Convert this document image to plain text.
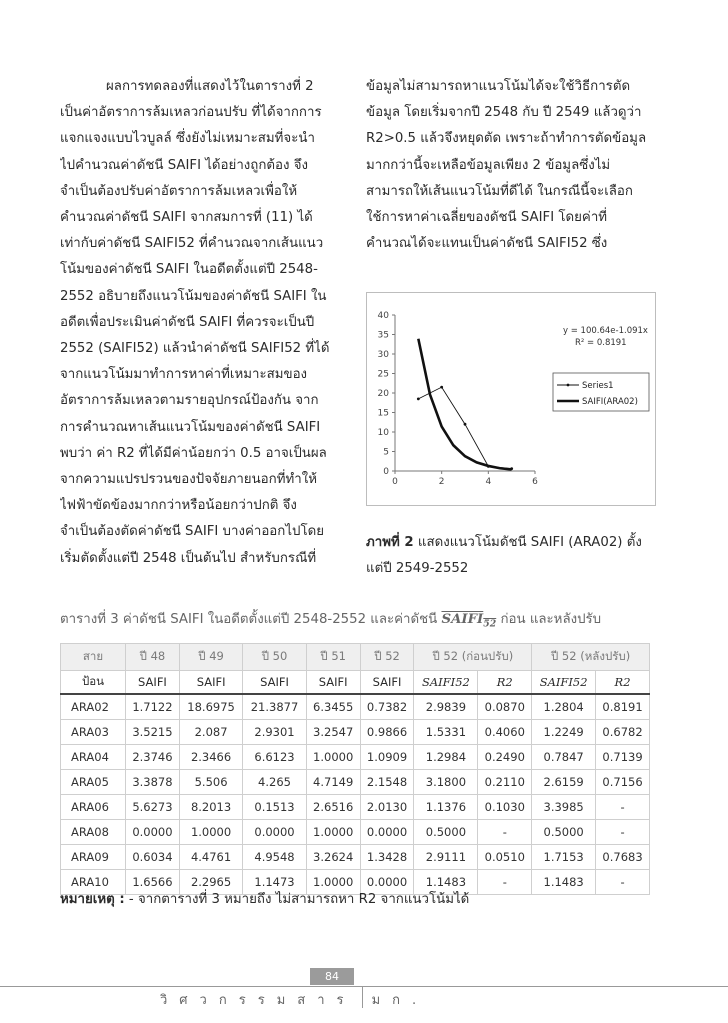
ผลการทดลองที่แสดงไว้ในตารางที่ 2
เป็นค่าอัตราการล้มเหลวก่อนปรับ ที่ได้จากการ
แจกแจงแบบไวบูลล์ ซึ่งยังไม่เหมาะสมที่จะนำ
ไปคำนวณค่าดัชนี SAIFI ได้อย่างถูกต้อง จึง
จำเป็นต้องปรับค่าอัตราการล้มเหลวเพื่อให้
คำนวณค่าดัชนี SAIFI จากสมการที่ (11) ได้
เท่ากับค่าดัชนี SAIFI52 ที่คำนวณจากเส้นแนว
โน้มของค่าดัชนี SAIFI ในอดีตตั้งแต่ปี 2548-
2552 อธิบายถึงแนวโน้มของค่าดัชนี SAIFI ใน
อดีตเพื่อประเมินค่าดัชนี SAIFI ที่ควรจะเป็นปี
2552 (SAIFI52) แล้วนำค่าดัชนี SAIFI52 ที่ได้
จากแนวโน้มมาทำการหาค่าที่เหมาะสมของ
อัตราการล้มเหลวตามรายอุปกรณ์ป้องกัน จาก
การคำนวณหาเส้นแนวโน้มของค่าดัชนี SAIFI
พบว่า ค่า R2 ที่ได้มีค่าน้อยกว่า 0.5 อาจเป็นผล
จากความแปรปรวนของปัจจัยภายนอกที่ทำให้
ไฟฟ้าขัดข้องมากกว่าหรือน้อยกว่าปกติ จึง
จำเป็นต้องตัดค่าดัชนี SAIFI บางค่าออกไปโดย
เริ่มตัดตั้งแต่ปี 2548 เป็นต้นไป สำหรับกรณีที่
ข้อมูลไม่สามารถหาแนวโน้มได้จะใช้วิธีการตัด
ข้อมูล โดยเริ่มจากปี 2548 กับ ปี 2549 แล้วดูว่า
R2>0.5 แล้วจึงหยุดตัด เพราะถ้าทำการตัดข้อมูล
มากกว่านี้จะเหลือข้อมูลเพียง 2 ข้อมูลซึ่งไม่
สามารถให้เส้นแนวโน้มที่ดีได้ ในกรณีนี้จะเลือก
ใช้การหาค่าเฉลี่ยของดัชนี SAIFI โดยค่าที่
คำนวณได้จะแทนเป็นค่าดัชนี SAIFI52 ซึ่ง
0
5
10
15
20
25
30
35
40
0	2	4	6
y = 100.64e-1.091x
R² = 0.8191
Series1
SAIFI(ARA02)
ภาพที่ 2 แสดงแนวโน้มดัชนี SAIFI (ARA02) ตั้ง
แต่ปี 2549-2552
ตารางที่ 3 ค่าดัชนี SAIFI ในอดีตตั้งแต่ปี 2548-2552 และค่าดัชนี $SAIFI_{52}$ ก่อน และหลังปรับ
สาย	ปี 48	ปี 49	ปี 50	ปี 51	ปี 52	ปี 52 (ก่อนปรับ)		ปี 52 (หลังปรับ)	
ป้อน	SAIFI	SAIFI	SAIFI	SAIFI	SAIFI	SAIFI52	R2	SAIFI52	R2
ARA02	1.7122	18.6975	21.3877	6.3455	0.7382	2.9839	0.0870	1.2804	0.8191
ARA03	3.5215	2.087	2.9301	3.2547	0.9866	1.5331	0.4060	1.2249	0.6782
ARA04	2.3746	2.3466	6.6123	1.0000	1.0909	1.2984	0.2490	0.7847	0.7139
ARA05	3.3878	5.506	4.265	4.7149	2.1548	3.1800	0.2110	2.6159	0.7156
ARA06	5.6273	8.2013	0.1513	2.6516	2.0130	1.1376	0.1030	3.3985	-
ARA08	0.0000	1.0000	0.0000	1.0000	0.0000	0.5000	-	0.5000	-
ARA09	0.6034	4.4761	4.9548	3.2624	1.3428	2.9111	0.0510	1.7153	0.7683
ARA10	1.6566	2.2965	1.1473	1.0000	0.0000	1.1483	-	1.1483	-
หมายเหตุ : - จากตารางที่ 3 หมายถึง ไม่สามารถหา R2 จากแนวโน้มได้
84
วิศวกรรมสาร มก.
